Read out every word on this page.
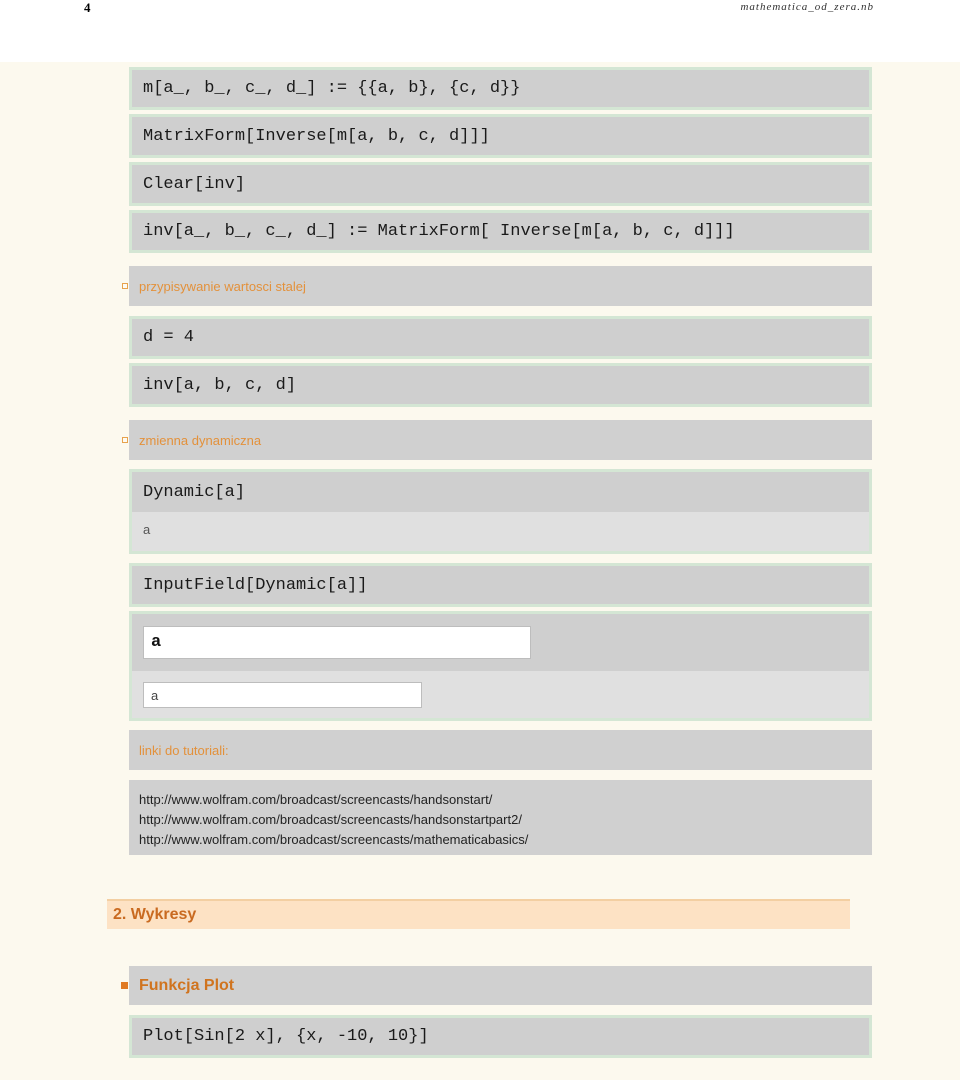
4	mathematica_od_zera.nb
m[a_, b_, c_, d_] := {{a, b}, {c, d}}
MatrixForm[Inverse[m[a, b, c, d]]]
Clear[inv]
inv[a_, b_, c_, d_] := MatrixForm[ Inverse[m[a, b, c, d]]]
przypisywanie wartosci stalej
d = 4
inv[a, b, c, d]
zmienna dynamiczna
Dynamic[a]
a
InputField[Dynamic[a]]
a
a
linki do tutoriali:
http://www.wolfram.com/broadcast/screencasts/handsonstart/
http://www.wolfram.com/broadcast/screencasts/handsonstartpart2/
http://www.wolfram.com/broadcast/screencasts/mathematicabasics/
2. Wykresy
Funkcja Plot
Plot[Sin[2 x], {x, -10, 10}]
